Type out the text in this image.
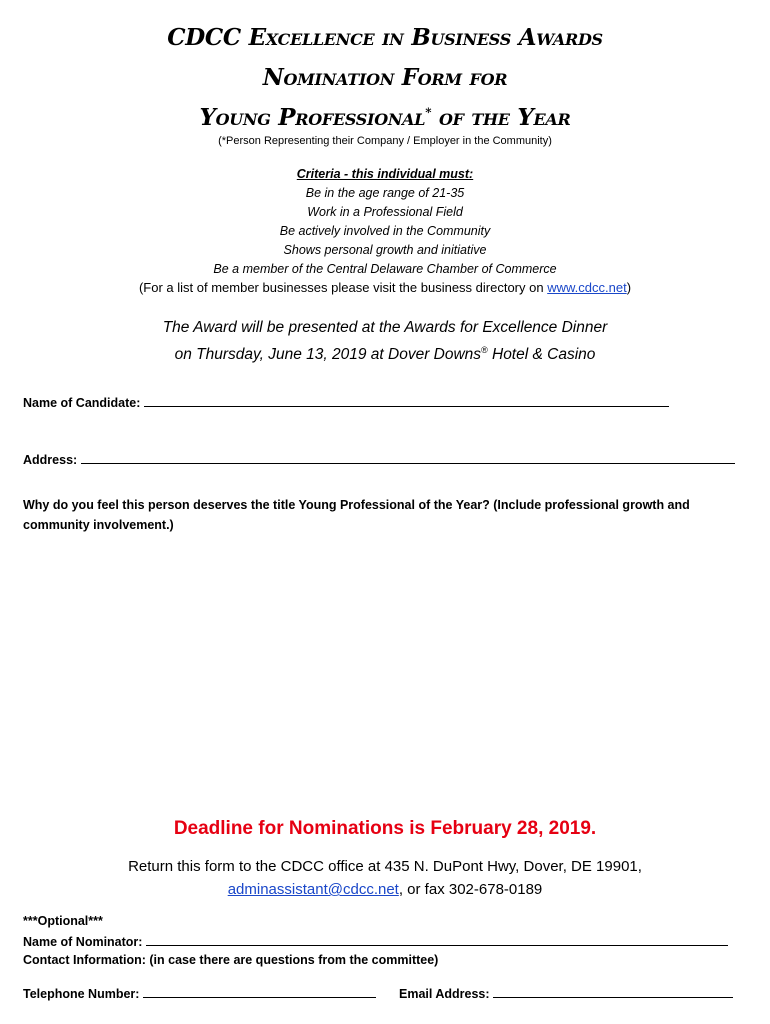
CDCC Excellence in Business Awards
Nomination Form for
Young Professional* of the Year
(*Person Representing their Company / Employer in the Community)
Criteria - this individual must:
Be in the age range of 21-35
Work in a Professional Field
Be actively involved in the Community
Shows personal growth and initiative
Be a member of the Central Delaware Chamber of Commerce
(For a list of member businesses please visit the business directory on www.cdcc.net)
The Award will be presented at the Awards for Excellence Dinner
on Thursday, June 13, 2019 at Dover Downs® Hotel & Casino
Name of Candidate:
Address:
Why do you feel this person deserves the title Young Professional of the Year? (Include professional growth and community involvement.)
Deadline for Nominations is February 28, 2019.
Return this form to the CDCC office at 435 N. DuPont Hwy, Dover, DE 19901,
adminassistant@cdcc.net, or fax 302-678-0189
***Optional***
Name of Nominator:
Contact Information: (in case there are questions from the committee)
Telephone Number:	Email Address:
